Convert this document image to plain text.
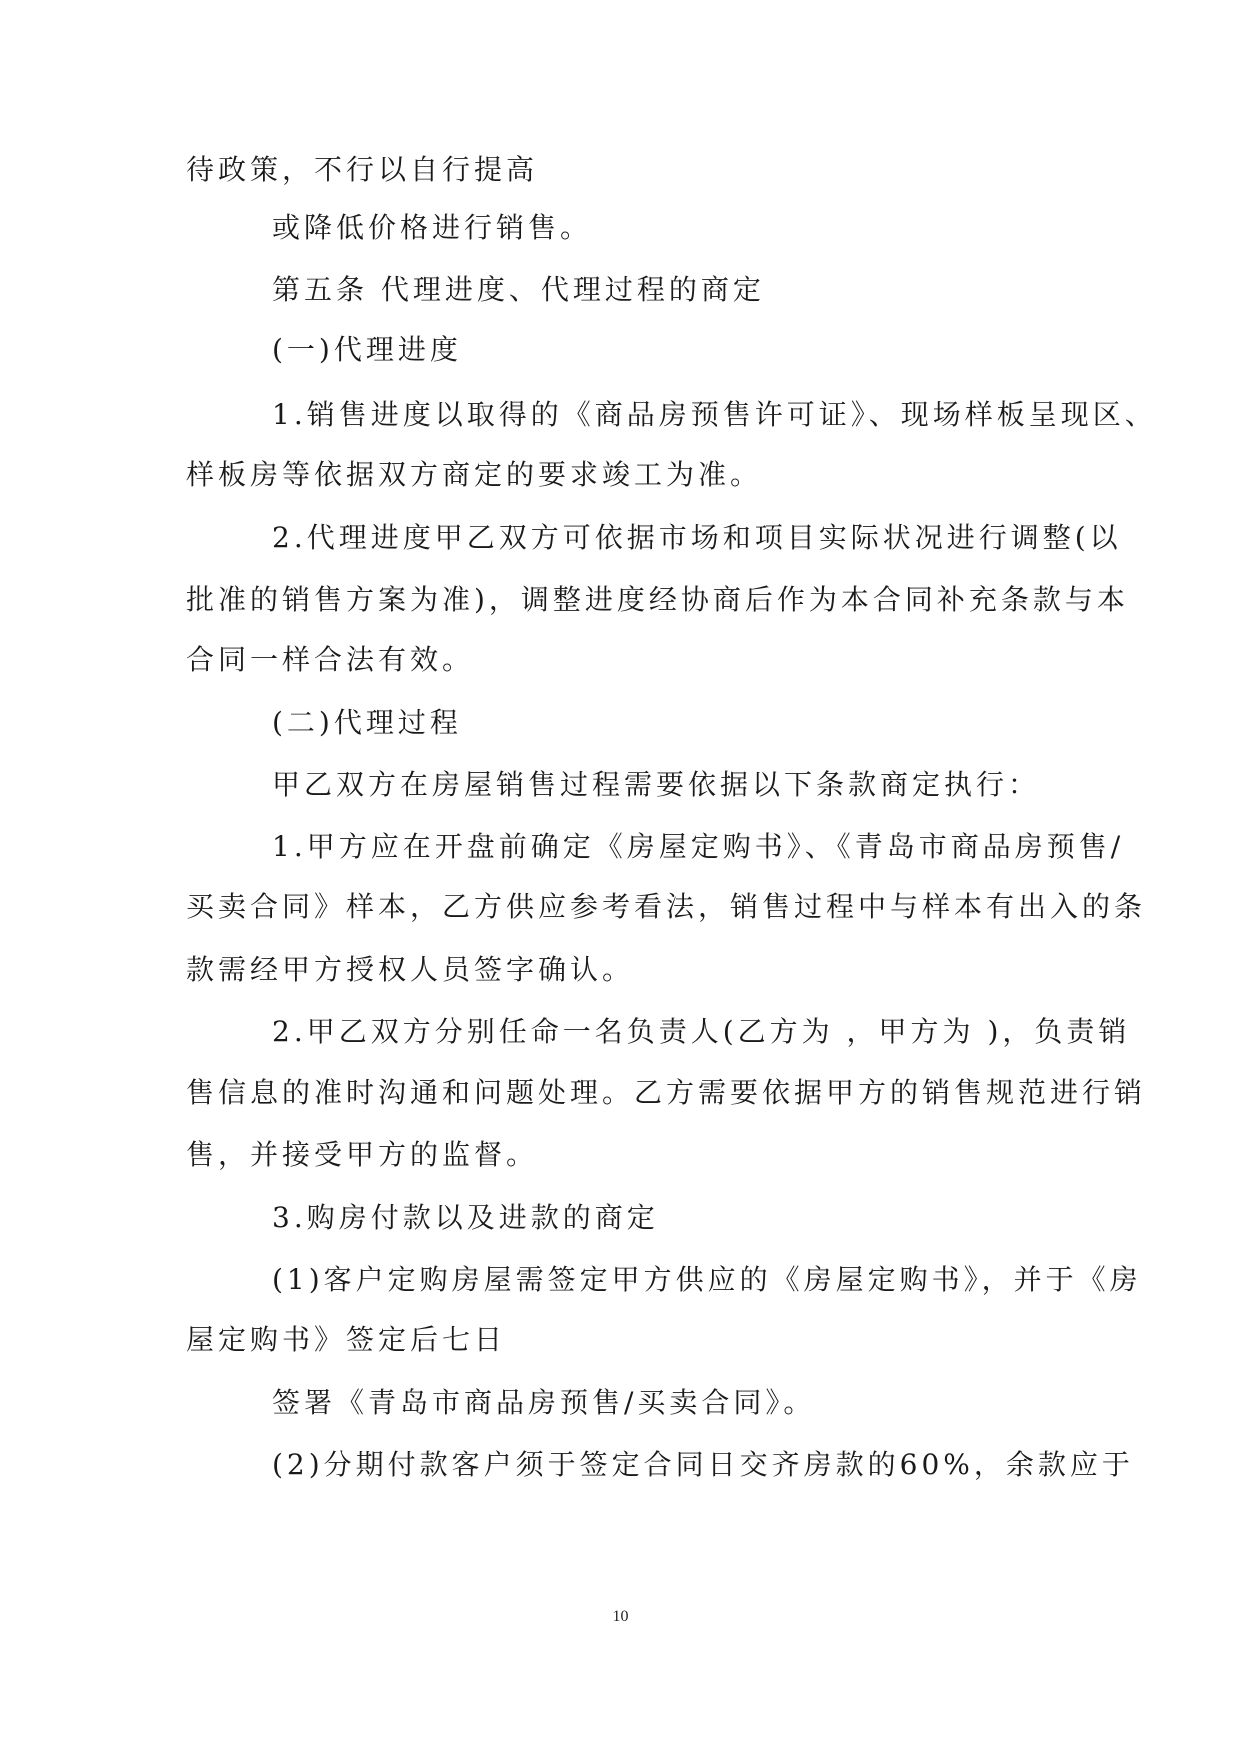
待政策，不行以自行提高
或降低价格进行销售。
第五条 代理进度、代理过程的商定
(一)代理进度
1.销售进度以取得的《商品房预售许可证》、现场样板呈现区、
样板房等依据双方商定的要求竣工为准。
2.代理进度甲乙双方可依据市场和项目实际状况进行调整(以
批准的销售方案为准)，调整进度经协商后作为本合同补充条款与本
合同一样合法有效。
(二)代理过程
甲乙双方在房屋销售过程需要依据以下条款商定执行：
1.甲方应在开盘前确定《房屋定购书》、《青岛市商品房预售/
买卖合同》样本，乙方供应参考看法，销售过程中与样本有出入的条
款需经甲方授权人员签字确认。
2.甲乙双方分别任命一名负责人(乙方为 ，甲方为 )，负责销
售信息的准时沟通和问题处理。乙方需要依据甲方的销售规范进行销
售，并接受甲方的监督。
3.购房付款以及进款的商定
(1)客户定购房屋需签定甲方供应的《房屋定购书》，并于《房
屋定购书》签定后七日
签署《青岛市商品房预售/买卖合同》。
(2)分期付款客户须于签定合同日交齐房款的60%，余款应于
10
